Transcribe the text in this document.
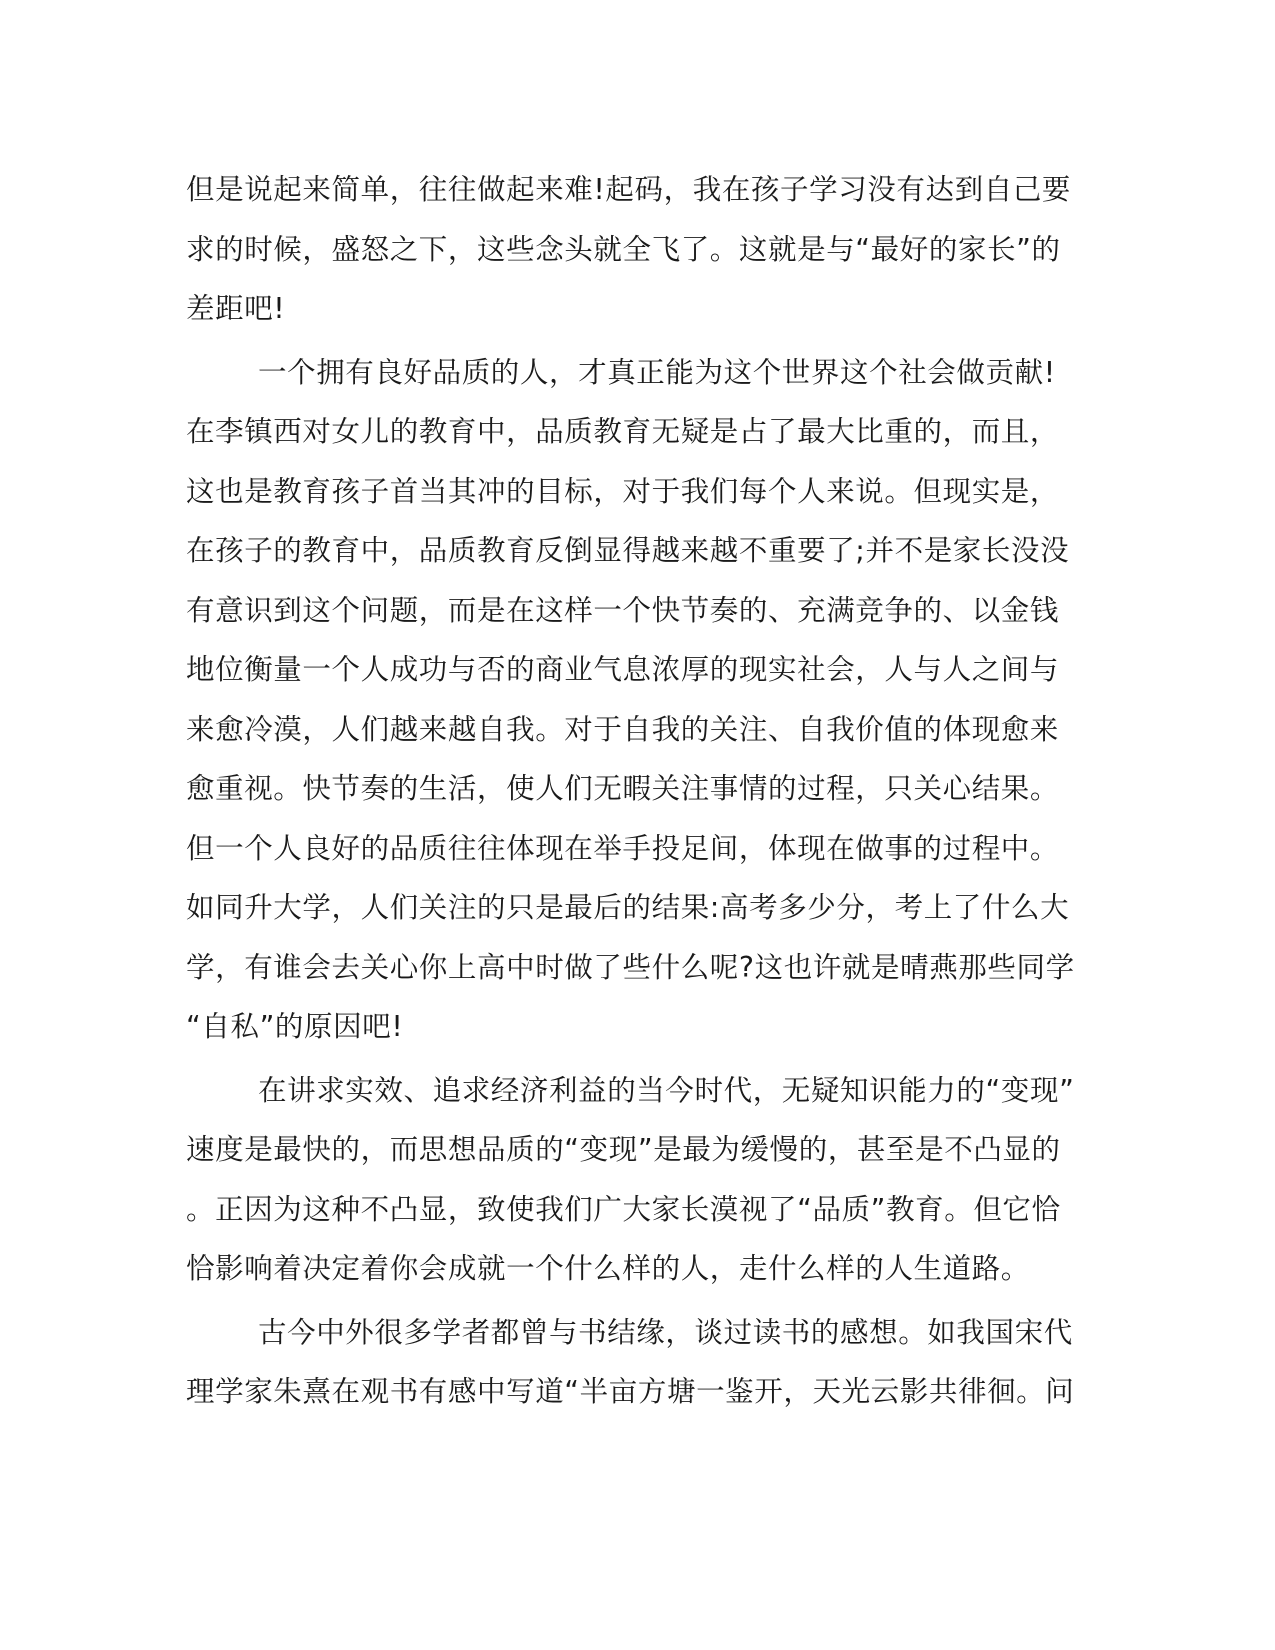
但是说起来简单，往往做起来难!起码，我在孩子学习没有达到自己要
求的时候，盛怒之下，这些念头就全飞了。这就是与“最好的家长”的
差距吧!
一个拥有良好品质的人，才真正能为这个世界这个社会做贡献!
在李镇西对女儿的教育中，品质教育无疑是占了最大比重的，而且，
这也是教育孩子首当其冲的目标，对于我们每个人来说。但现实是，
在孩子的教育中，品质教育反倒显得越来越不重要了;并不是家长没没
有意识到这个问题，而是在这样一个快节奏的、充满竞争的、以金钱
地位衡量一个人成功与否的商业气息浓厚的现实社会，人与人之间与
来愈冷漠，人们越来越自我。对于自我的关注、自我价值的体现愈来
愈重视。快节奏的生活，使人们无暇关注事情的过程，只关心结果。
但一个人良好的品质往往体现在举手投足间，体现在做事的过程中。
如同升大学，人们关注的只是最后的结果:高考多少分，考上了什么大
学，有谁会去关心你上高中时做了些什么呢?这也许就是晴燕那些同学
“自私”的原因吧!
在讲求实效、追求经济利益的当今时代，无疑知识能力的“变现”
速度是最快的，而思想品质的“变现”是最为缓慢的，甚至是不凸显的
。正因为这种不凸显，致使我们广大家长漠视了“品质”教育。但它恰
恰影响着决定着你会成就一个什么样的人，走什么样的人生道路。
古今中外很多学者都曾与书结缘，谈过读书的感想。如我国宋代
理学家朱熹在观书有感中写道“半亩方塘一鉴开，天光云影共徘徊。问
